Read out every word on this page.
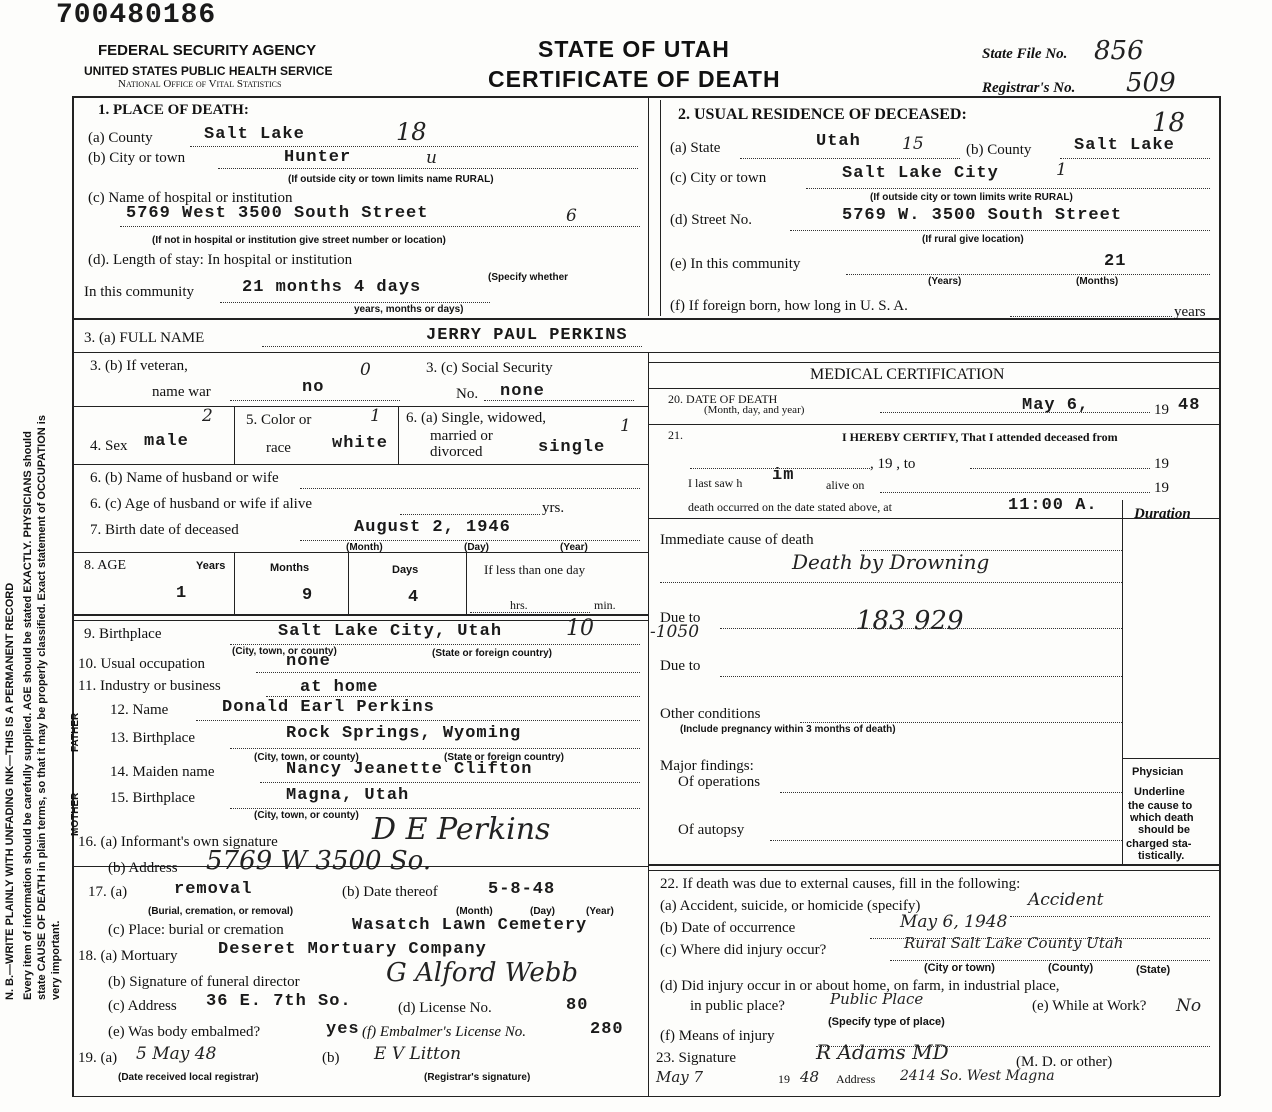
N. B.—WRITE PLAINLY WITH UNFADING INK—THIS IS A PERMANENT RECORD Every item of information should be carefully supplied. AGE should be stated EXACTLY. PHYSICIANS should state CAUSE OF DEATH in plain terms, so that it may be properly classified. Exact statement of OCCUPATION is very important.
700480186
FEDERAL SECURITY AGENCY
UNITED STATES PUBLIC HEALTH SERVICE
National Office of Vital Statistics
STATE OF UTAH
CERTIFICATE OF DEATH
State File No. 856
Registrar's No. 509
1. PLACE OF DEATH:
(a) County	Salt Lake	18
(b) City or town	Hunter	u
(If outside city or town limits name RURAL)
(c) Name of hospital or institution
5769 West 3500 South Street	6
(If not in hospital or institution give street number or location)
(d). Length of stay: In hospital or institution
(Specify whether
In this community	21 months 4 days
years, months or days)
2. USUAL RESIDENCE OF DECEASED:
(a) State	Utah 15	(b) County	Salt Lake
18
(c) City or town	Salt Lake City	1
(If outside city or town limits write RURAL)
(d) Street No.	5769 W. 3500 South Street
(If rural give location)
(e) In this community	21
(Years)	(Months)
(f) If foreign born, how long in U. S. A.	years
3. (a) FULL NAME	JERRY PAUL PERKINS
3. (b) If veteran,
name war	no
0	3. (c) Social Security
No. none
4. Sex male
2 5. Color or
race white
1 6. (a) Single, widowed,
married or
divorced	single
1
6. (b) Name of husband or wife
6. (c) Age of husband or wife if alive	yrs.
7. Birth date of deceased	August 2, 1946
(Month)	(Day)	(Year)
8. AGE	Years	Months	Days	If less than one day
1	9	4	hrs.	min.
9. Birthplace	Salt Lake City, Utah	10	-1050
(City, town, or county)	(State or foreign country)
10. Usual occupation	none
11. Industry or business	at home
FATHER
MOTHER
12. Name	Donald Earl Perkins
13. Birthplace	Rock Springs, Wyoming
(City, town, or county)	(State or foreign country)
14. Maiden name	Nancy Jeanette Clifton
15. Birthplace	Magna, Utah
(City, town, or county)
16. (a) Informant's own signature	D E Perkins
(b) Address 5769 W 3500 So.
17. (a)	removal
(Burial, cremation, or removal)
(b) Date thereof	5-8-48
(Month)	(Day)	(Year)
(c) Place: burial or cremation	Wasatch Lawn Cemetery
18. (a) Mortuary Deseret Mortuary Company
(b) Signature of funeral director	G Alford Webb
(c) Address 36 E. 7th So.	(d) License No.	80
(e) Was body embalmed?	yes (f) Embalmer's License No.	280
19. (a) 5 May 48
(Date received local registrar)
(b) E V Litton
(Registrar's signature)
MEDICAL CERTIFICATION
20. DATE OF DEATH
(Month, day, and year)	May 6,	19 48
21.	I HEREBY CERTIFY, That I attended deceased from
, 19 , to	19
I last saw h im	alive on	19
death occurred on the date stated above, at	11:00 A. Duration
Immediate cause of death
Death by Drowning
Due to	183 929
Due to
Other conditions
(Include pregnancy within 3 months of death)
Major findings:
Of operations
Of autopsy
Physician
Underline
the cause to
which death
should be
charged sta-
tistically.
22. If death was due to external causes, fill in the following:
(a) Accident, suicide, or homicide (specify)	Accident
(b) Date of occurrence	May 6, 1948
(c) Where did injury occur?	Rural Salt Lake County Utah
(City or town)	(County)	(State)
(d) Did injury occur in or about home, on farm, in industrial place,
in public place?	Public Place
(Specify type of place)
(e) While at Work? No
(f) Means of injury
23. Signature	R Adams MD	(M. D. or other)
May 7	19 48 Address 2414 So. West Magna
